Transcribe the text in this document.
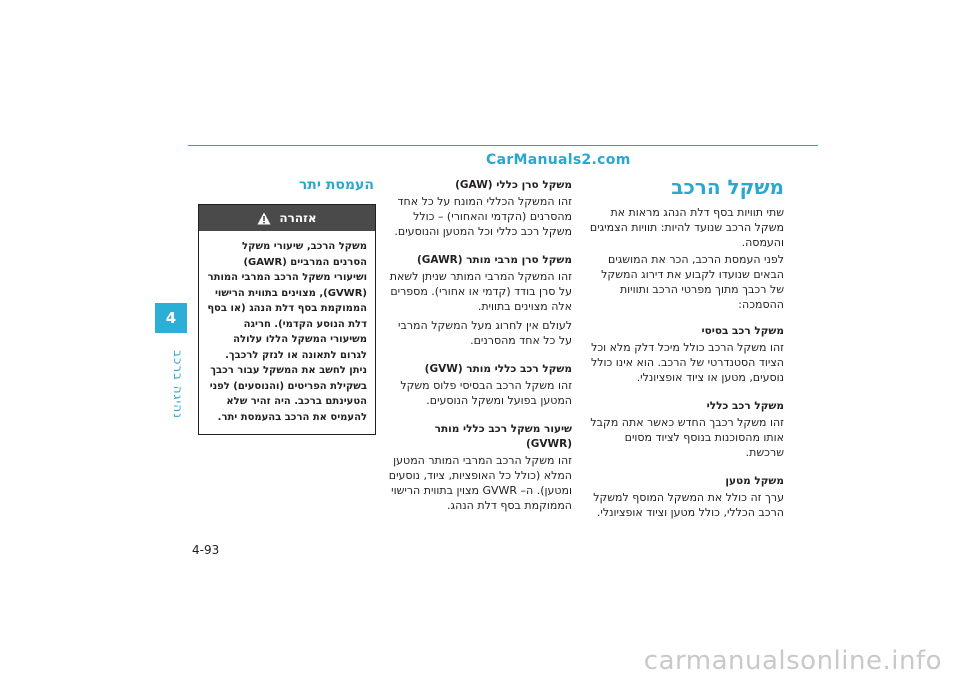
CarManuals2.com
4
נהיגה ברכב
4-93
משקל הרכב
שתי תוויות בסף דלת הנהג מראות את משקל הרכב שנועד להיות: תוויות הצמיגים והעמסה.
לפני העמסת הרכב, הכר את המושגים הבאים שנועדו לקבוע את דירוג המשקל של רכבך מתוך מפרטי הרכב ותוויות ההסמכה:
משקל רכב בסיסי
זהו משקל הרכב כולל מיכל דלק מלא וכל הציוד הסטנדרטי של הרכב. הוא אינו כולל נוסעים, מטען או ציוד אופציונלי.
משקל רכב כללי
זהו משקל רכבך החדש כאשר אתה מקבל אותו מהסוכנות בנוסף לציוד מסוים שרכשת.
משקל מטען
ערך זה כולל את המשקל המוסף למשקל הרכב הכללי, כולל מטען וציוד אופציונלי.
משקל סרן כללי (GAW)
זהו המשקל הכללי המונח על כל אחד מהסרנים (הקדמי והאחורי) – כולל משקל רכב כללי וכל המטען והנוסעים.
משקל סרן מרבי מותר (GAWR)
זהו המשקל המרבי המותר שניתן לשאת על סרן בודד (קדמי או אחורי). מספרים אלה מצוינים בתווית.
לעולם אין לחרוג מעל המשקל המרבי על כל אחד מהסרנים.
משקל רכב כללי מותר (GVW)
זהו משקל הרכב הבסיסי פלוס משקל המטען בפועל ומשקל הנוסעים.
שיעור משקל רכב כללי מותר (GVWR)
זהו משקל הרכב המרבי המותר המטען המלא (כולל כל האופציות, ציוד, נוסעים ומטען). ה– GVWR מצוין בתווית הרישוי הממוקמת בסף דלת הנהג.
העמסת יתר
אזהרה
משקל הרכב, שיעורי משקל הסרנים המרביים (GAWR) ושיעורי משקל הרכב המרבי המותר (GVWR), מצוינים בתווית הרישוי הממוקמת בסף דלת הנהג (או בסף דלת הנוסע הקדמי). חריגה משיעורי המשקל הללו עלולה לגרום לתאונה או לנזק לרכבך. ניתן לחשב את המשקל עבור רכבך בשקילת הפריטים (והנוסעים) לפני הטעינתם ברכב. היה זהיר שלא להעמיס את הרכב בהעמסת יתר.
carmanualsonline.info
